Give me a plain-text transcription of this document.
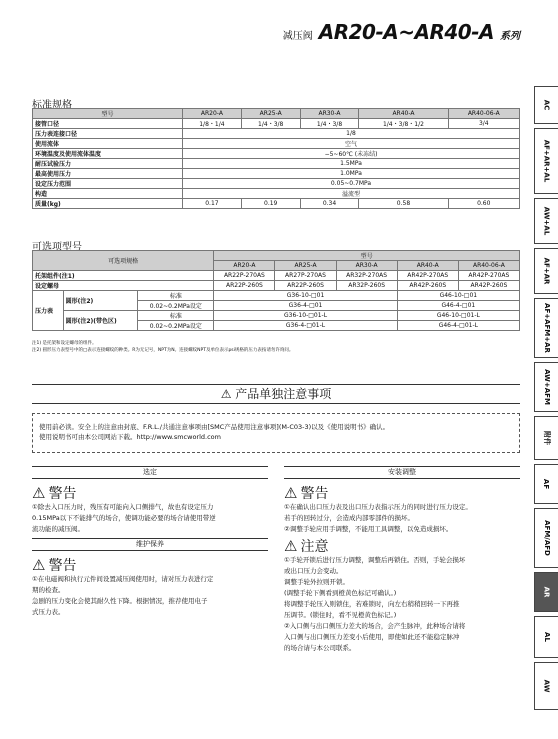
减压阀 AR20-A~AR40-A 系列
标准规格
型号	AR20-A	AR25-A	AR30-A	AR40-A	AR40-06-A
接管口径	1/8・1/4	1/4・3/8	1/4・3/8	1/4・3/8・1/2	3/4
压力表连接口径	1/8				
使用流体	空气				
环境温度及使用流体温度	−5~60℃ (未冻结)				
耐压试验压力	1.5MPa				
最高使用压力	1.0MPa				
设定压力范围	0.05~0.7MPa				
构造	溢流型				
质量(kg)	0.17	0.19	0.34	0.58	0.60
可选项型号
可选项规格			型号				
			AR20-A	AR25-A	AR30-A	AR40-A	AR40-06-A
托架组件(注1)			AR22P-270AS	AR27P-270AS	AR32P-270AS	AR42P-270AS	AR42P-270AS
设定螺母			AR22P-260S	AR22P-260S	AR32P-260S	AR42P-260S	AR42P-260S
压力表	圆形(注2)	标准	G36-10-□01			G46-10-□01	
		0.02~0.2MPa设定	G36-4-□01			G46-4-□01	
	圆形(注2)(带色区)	标准	G36-10-□01-L			G46-10-□01-L	
		0.02~0.2MPa设定	G36-4-□01-L			G46-4-□01-L	
注1) 是托架和设定螺母的组件。
注2) 圆形压力表型号中的□表示连接螺纹的种类。R为无记号，NPT为N。连接螺纹NPT及单位表示psi规格的压力表按请勿许询问。
⚠ 产品单独注意事项
使用前必读。安全上的注意由封底、F.R.L./共通注意事项由[SMC产品使用注意事项](M-C03-3)以及《使用说明书》确认。
使用说明书可由本公司网站下载。http://www.smcworld.com
选定
⚠ 警告
①除去入口压力时，残压有可能向入口侧排气，故也有设定压力
0.15MPa以下不能排气的场合，使调功能必要的场合请使用带逆
流功能的减压阀。
维护保养
⚠ 警告
①在电磁阀和执行元件间设置减压阀使用时，请对压力表进行定
期的检查。
急剧的压力变化会使其耐久性下降。根据情况，推荐使用电子
式压力表。
安装调整
⚠ 警告
①在确认出口压力表及出口压力表指示压力的同时进行压力设定。
若手的回转过分，会造成内部零部件的损坏。
②调整手轮应用手调整，不能用工具调整，以免造成损坏。
⚠ 注意
①手轮开锁后进行压力调整，调整后再锁住。否则，手轮会损坏
或出口压力会变动。
调整手轮外拉则开锁。
(调整手轮下侧看到橙黄色标记可确认。)
将调整手轮压入则锁住，若难锁时，向左右稍稍回转一下再推
压调节。(锁住时，看不见橙黄色标记。)
②入口侧与出口侧压力差大的场合，会产生脉冲，此种场合请将
入口侧与出口侧压力差变小后使用，即使如此还不能稳定脉冲
的场合请与本公司联系。
AC
AF+AR+AL
AW+AL
AF+AR
AF+AFM+AR
AW+AFM
附件
AF
AFM/AFD
AR
AL
AW
